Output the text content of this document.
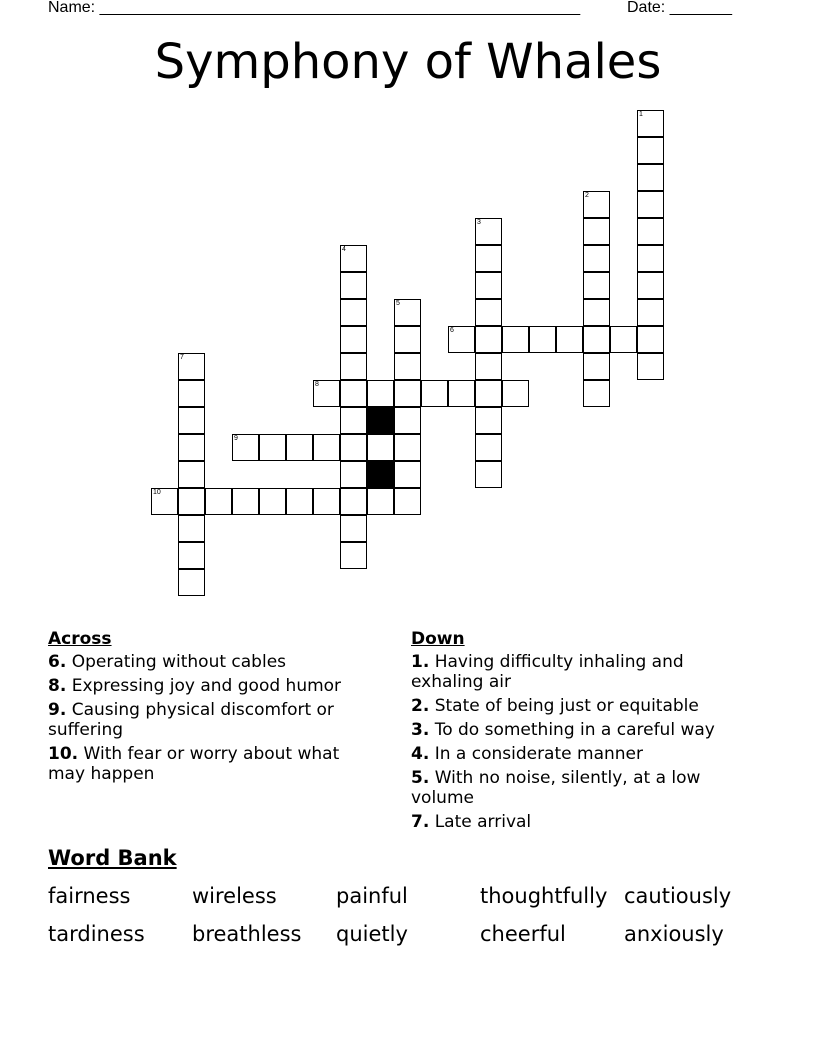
Name: ______________________________________________________	Date: _______
Symphony of Whales
1
2
3
4
5
6
7
8
9
10
Across
6. Operating without cables
8. Expressing joy and good humor
9. Causing physical discomfort or suffering
10. With fear or worry about what may happen
Down
1. Having difficulty inhaling and exhaling air
2. State of being just or equitable
3. To do something in a careful way
4. In a considerate manner
5. With no noise, silently, at a low volume
7. Late arrival
Word Bank
fairness	wireless	painful	thoughtfully cautiously
tardiness breathless quietly	cheerful	anxiously
